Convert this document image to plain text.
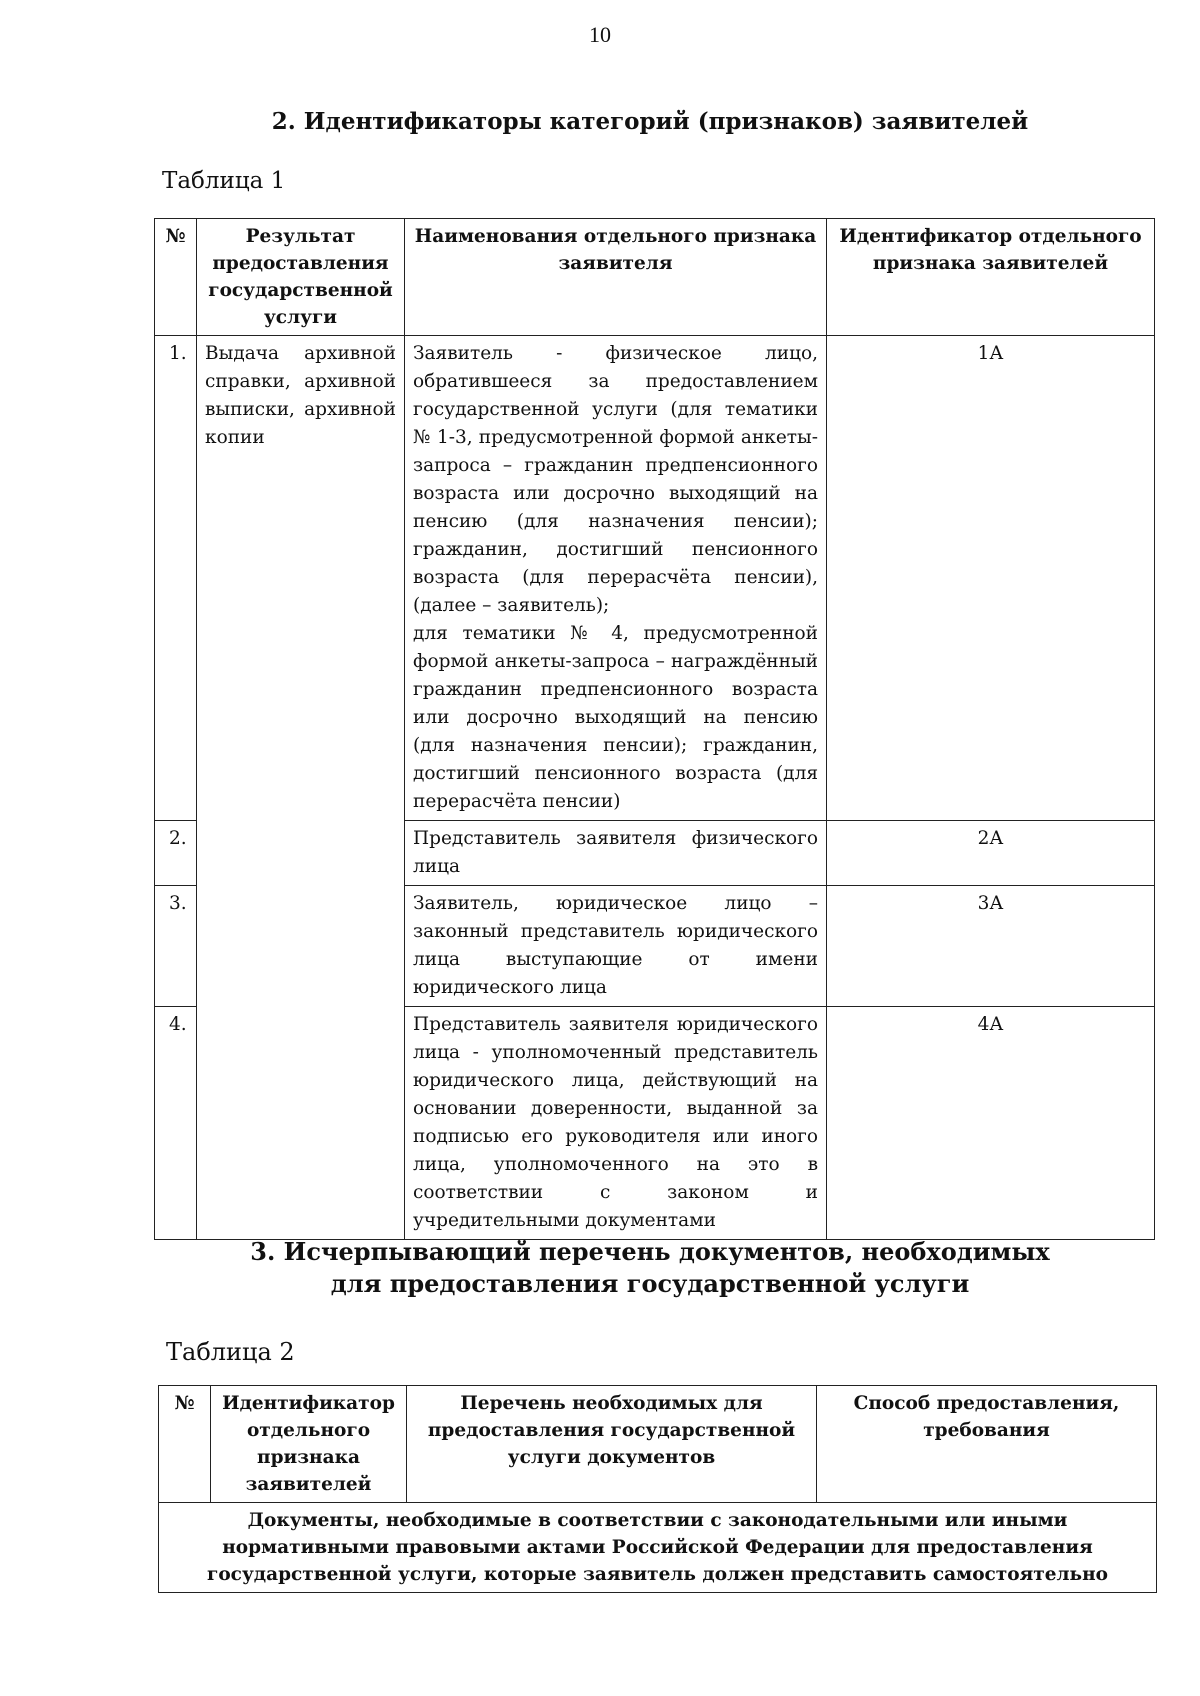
10
2. Идентификаторы категорий (признаков) заявителей
Таблица 1
№	Результат предоставления государственной услуги	Наименования отдельного признака заявителя	Идентификатор отдельного признака заявителей
1.	Выдача архивной справки, архивной выписки, архивной копии	Заявитель - физическое лицо, обратившееся за предоставлением государственной услуги (для тематики № 1-3, предусмотренной формой анкеты-запроса – гражданин предпенсионного возраста или досрочно выходящий на пенсию (для назначения пенсии); гражданин, достигший пенсионного возраста (для перерасчёта пенсии), (далее – заявитель);
для тематики № 4, предусмотренной формой анкеты-запроса – награждённый гражданин предпенсионного возраста или досрочно выходящий на пенсию (для назначения пенсии); гражданин, достигший пенсионного возраста (для перерасчёта пенсии)	1А
2.		Представитель заявителя физического лица	2А
3.		Заявитель, юридическое лицо – законный представитель юридического лица выступающие от имени юридического лица	3А
4.		Представитель заявителя юридического лица - уполномоченный представитель юридического лица, действующий на основании доверенности, выданной за подписью его руководителя или иного лица, уполномоченного на это в соответствии с законом и учредительными документами	4А
3. Исчерпывающий перечень документов, необходимых
для предоставления государственной услуги
Таблица 2
№	Идентификатор отдельного признака заявителей	Перечень необходимых для предоставления государственной услуги документов	Способ предоставления, требования
Документы, необходимые в соответствии с законодательными или иными нормативными правовыми актами Российской Федерации для предоставления государственной услуги, которые заявитель должен представить самостоятельно
